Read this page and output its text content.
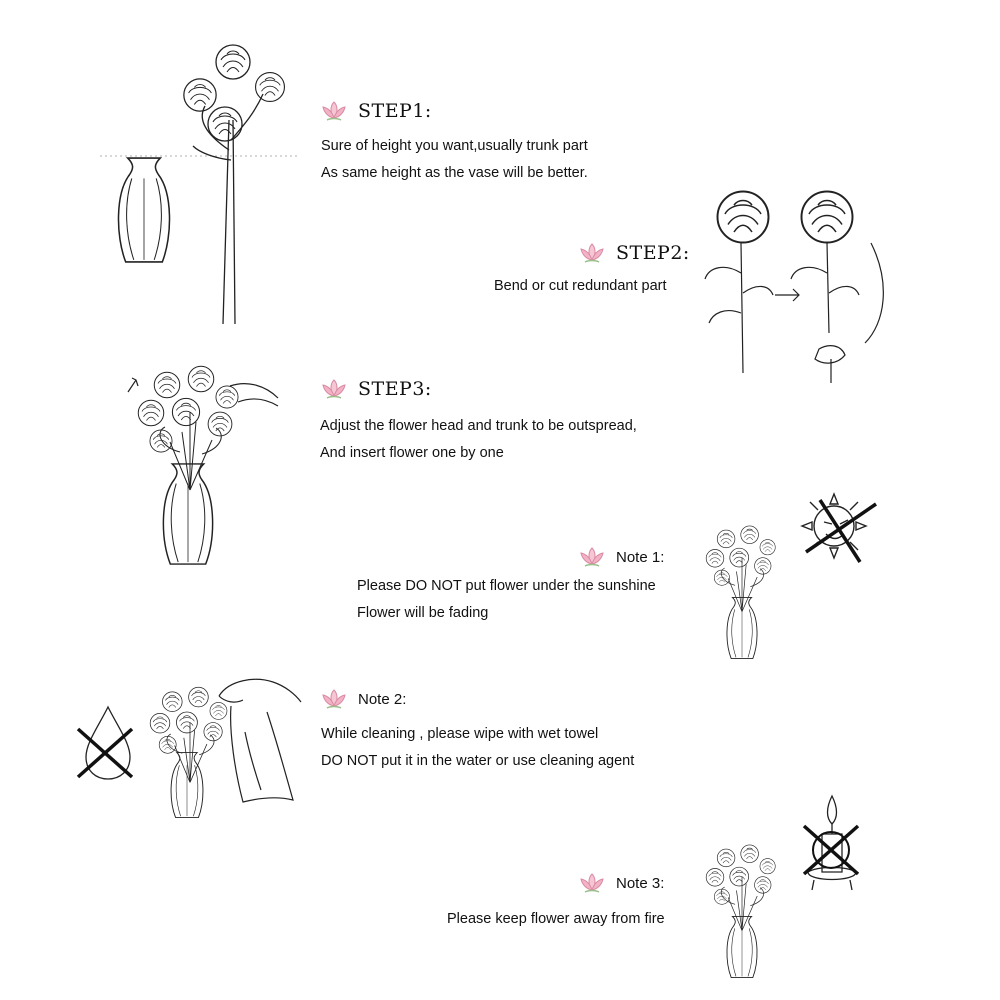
STEP1:
Sure of height you want,usually trunk part
As same height as the vase will be better.
STEP2:
Bend or cut redundant part
STEP3:
Adjust the flower head and trunk to be outspread,
And insert flower one by one
Note 1:
Please DO NOT put flower under the sunshine
Flower will be fading
Note 2:
While cleaning , please wipe with wet towel
DO NOT put it in the water or use cleaning agent
Note 3:
Please keep flower away from fire
